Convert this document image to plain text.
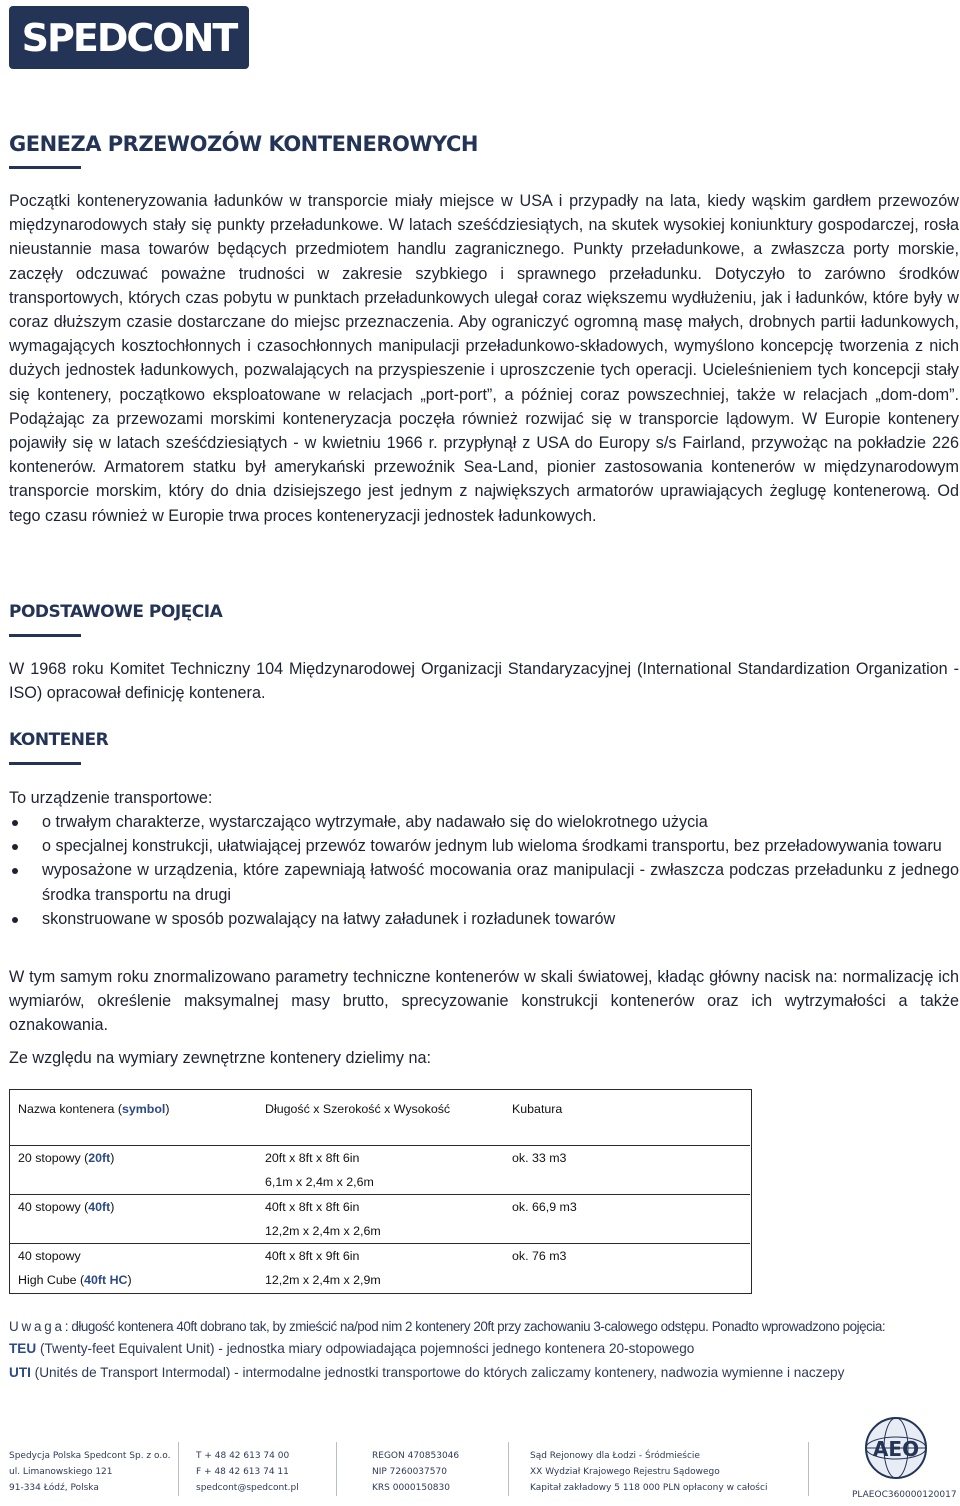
SPEDCONT
GENEZA PRZEWOZÓW KONTENEROWYCH

Początki konteneryzowania ładunków w transporcie miały miejsce w USA i przypadły na lata, kiedy wąskim gardłem przewozów międzynarodowych stały się punkty przeładunkowe. W latach sześćdziesiątych, na skutek wysokiej koniunktury gospodarczej, rosła nieustannie masa towarów będących przedmiotem handlu zagranicznego. Punkty przeładunkowe, a zwłaszcza porty morskie, zaczęły odczuwać poważne trudności w zakresie szybkiego i sprawnego przeładunku. Dotyczyło to zarówno środków transportowych, których czas pobytu w punktach przeładunkowych ulegał coraz większemu wydłużeniu, jak i ładunków, które były w coraz dłuższym czasie dostarczane do miejsc przeznaczenia. Aby ograniczyć ogromną masę małych, drobnych partii ładunkowych, wymagających kosztochłonnych i czasochłonnych manipulacji przeładunkowo-składowych, wymyślono koncepcję tworzenia z nich dużych jednostek ładunkowych, pozwalających na przyspieszenie i uproszczenie tych operacji. Ucieleśnieniem tych koncepcji stały się kontenery, początkowo eksploatowane w relacjach „port-port”, a później coraz powszechniej, także w relacjach „dom-dom”. Podążając za przewozami morskimi konteneryzacja poczęła również rozwijać się w transporcie lądowym. W Europie kontenery pojawiły się w latach sześćdziesiątych - w kwietniu 1966 r. przypłynął z USA do Europy s/s Fairland, przywożąc na pokładzie 226 kontenerów. Armatorem statku był amerykański przewoźnik Sea-Land, pionier zastosowania kontenerów w międzynarodowym transporcie morskim, który do dnia dzisiejszego jest jednym z największych armatorów uprawiających żeglugę kontenerową. Od tego czasu również w Europie trwa proces konteneryzacji jednostek ładunkowych.

PODSTAWOWE POJĘCIA

W 1968 roku Komitet Techniczny 104 Międzynarodowej Organizacji Standaryzacyjnej (International Standardization Organization - ISO) opracował definicję kontenera.

KONTENER

To urządzenie transportowe:

o trwałym charakterze, wystarczająco wytrzymałe, aby nadawało się do wielokrotnego użycia
o specjalnej konstrukcji, ułatwiającej przewóz towarów jednym lub wieloma środkami transportu, bez przeładowywania towaru
wyposażone w urządzenia, które zapewniają łatwość mocowania oraz manipulacji - zwłaszcza podczas przeładunku z jednego środka transportu na drugi
skonstruowane w sposób pozwalający na łatwy załadunek i rozładunek towarów

W tym samym roku znormalizowano parametry techniczne kontenerów w skali światowej, kładąc główny nacisk na: normalizację ich wymiarów, określenie maksymalnej masy brutto, sprecyzowanie konstrukcji kontenerów oraz ich wytrzymałości a także oznakowania.

Ze względu na wymiary zewnętrzne kontenery dzielimy na:

Nazwa kontenera (symbol)	Długość x Szerokość x Wysokość	Kubatura
20 stopowy (20ft)	20ft x 8ft x 8ft 6in	ok. 33 m3
6,1m x 2,4m x 2,6m
40 stopowy (40ft)	40ft x 8ft x 8ft 6in	ok. 66,9 m3
12,2m x 2,4m x 2,6m
40 stopowy	40ft x 8ft x 9ft 6in	ok. 76 m3
High Cube (40ft HC)	12,2m x 2,4m x 2,9m
U w a g a : długość kontenera 40ft dobrano tak, by zmieścić na/pod nim 2 kontenery 20ft przy zachowaniu 3-calowego odstępu. Ponadto wprowadzono pojęcia:
TEU (Twenty-feet Equivalent Unit) - jednostka miary odpowiadająca pojemności jednego kontenera 20-stopowego
UTI (Unités de Transport Intermodal) - intermodalne jednostki transportowe do których zaliczamy kontenery, nadwozia wymienne i naczepy
Spedycja Polska Spedcont Sp. z o.o.
ul. Limanowskiego 121
91-334 Łódź, Polska
T + 48 42 613 74 00
F + 48 42 613 74 11
spedcont@spedcont.pl
REGON 470853046
NIP 7260037570
KRS 0000150830
Sąd Rejonowy dla Łodzi - Śródmieście
XX Wydział Krajowego Rejestru Sądowego
Kapitał zakładowy 5 118 000 PLN opłacony w całości
AEO
PLAEOC360000120017
